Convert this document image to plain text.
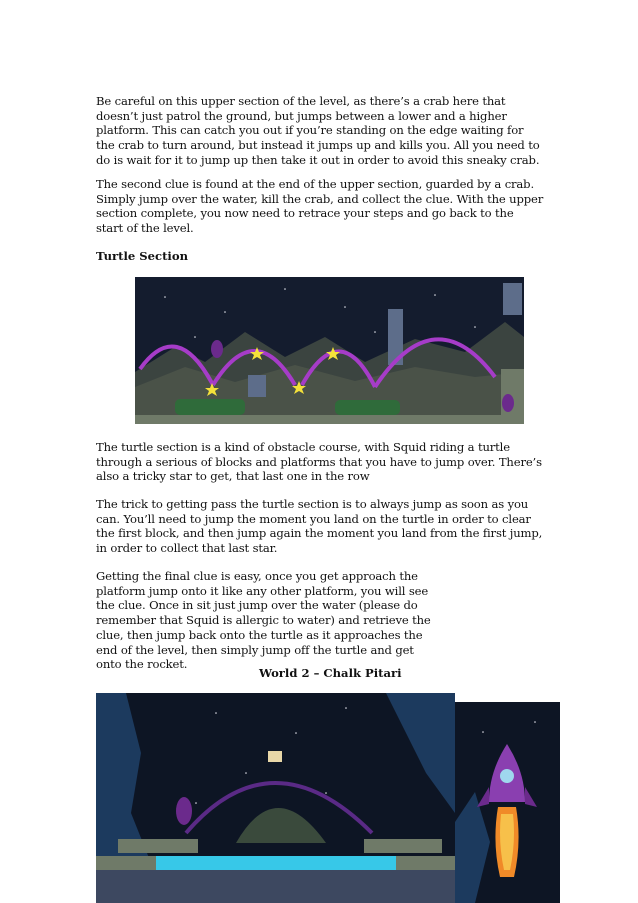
Be careful on this upper section of the level, as there’s a crab here that doesn’t just patrol the ground, but jumps between a lower and a higher platform. This can catch you out if you’re standing on the edge waiting for the crab to turn around, but instead it jumps up and kills you. All you need to do is wait for it to jump up then take it out in order to avoid this sneaky crab.

The second clue is found at the end of the upper section, guarded by a crab. Simply jump over the water, kill the crab, and collect the clue. With the upper section complete, you now need to retrace your steps and go back to the start of the level.

Turtle Section

The turtle section is a kind of obstacle course, with Squid riding a turtle through a serious of blocks and platforms that you have to jump over. There’s also a tricky star to get, that last one in the row

The trick to getting pass the turtle section is to always jump as soon as you can. You’ll need to jump the moment you land on the turtle in order to clear the first block, and then jump again the moment you land from the first jump, in order to collect that last star.

Getting the final clue is easy, once you get approach the platform jump onto it like any other platform, you will see the clue. Once in sit just jump over the water (please do remember that Squid is allergic to water) and retrieve the clue, then jump back onto the turtle as it approaches the end of the level, then simply jump off the turtle and get onto the rocket.

World 2 – Chalk Pitari
